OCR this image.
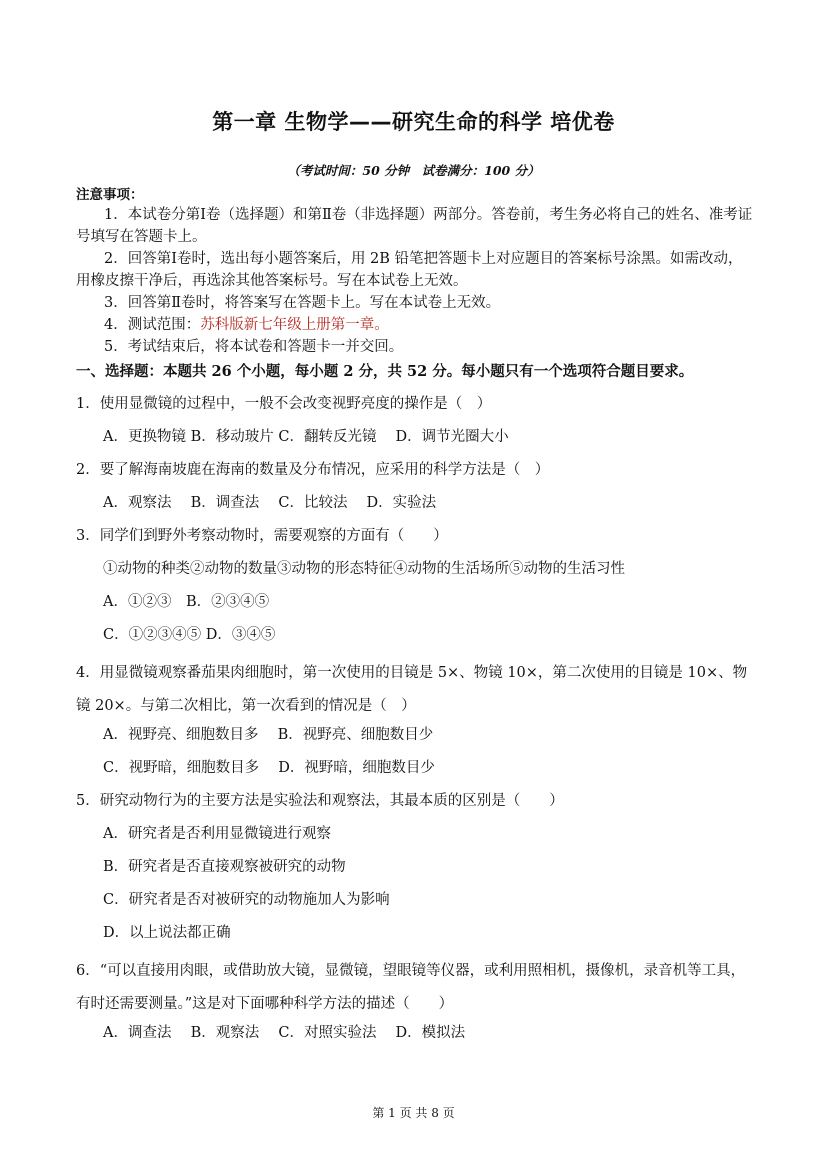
第一章 生物学——研究生命的科学 培优卷
（考试时间：50 分钟　试卷满分：100 分）
注意事项：
1．本试卷分第Ⅰ卷（选择题）和第Ⅱ卷（非选择题）两部分。答卷前，考生务必将自己的姓名、准考证号填写在答题卡上。
2．回答第Ⅰ卷时，选出每小题答案后，用 2B 铅笔把答题卡上对应题目的答案标号涂黑。如需改动，用橡皮擦干净后，再选涂其他答案标号。写在本试卷上无效。
3．回答第Ⅱ卷时，将答案写在答题卡上。写在本试卷上无效。
4．测试范围：苏科版新七年级上册第一章。
5．考试结束后，将本试卷和答题卡一并交回。
一、选择题：本题共 26 个小题，每小题 2 分，共 52 分。每小题只有一个选项符合题目要求。
1．使用显微镜的过程中，一般不会改变视野亮度的操作是（　）
A．更换物镜 B．移动玻片 C．翻转反光镜　 D．调节光圈大小
2．要了解海南坡鹿在海南的数量及分布情况，应采用的科学方法是（　）
A．观察法　 B．调查法　 C．比较法　 D．实验法
3．同学们到野外考察动物时，需要观察的方面有（　　）
①动物的种类②动物的数量③动物的形态特征④动物的生活场所⑤动物的生活习性
A．①②③　B．②③④⑤
C．①②③④⑤ D．③④⑤
4．用显微镜观察番茄果肉细胞时，第一次使用的目镜是 5×、物镜 10×，第二次使用的目镜是 10×、物镜 20×。与第二次相比，第一次看到的情况是（　）
A．视野亮、细胞数目多　 B．视野亮、细胞数目少
C．视野暗，细胞数目多　 D．视野暗，细胞数目少
5．研究动物行为的主要方法是实验法和观察法，其最本质的区别是（　　）
A．研究者是否利用显微镜进行观察
B．研究者是否直接观察被研究的动物
C．研究者是否对被研究的动物施加人为影响
D．以上说法都正确
6．“可以直接用肉眼，或借助放大镜，显微镜，望眼镜等仪器，或利用照相机，摄像机，录音机等工具，有时还需要测量。”这是对下面哪种科学方法的描述（　　）
A．调查法　 B．观察法　 C．对照实验法　 D．模拟法
第 1 页 共 8 页
